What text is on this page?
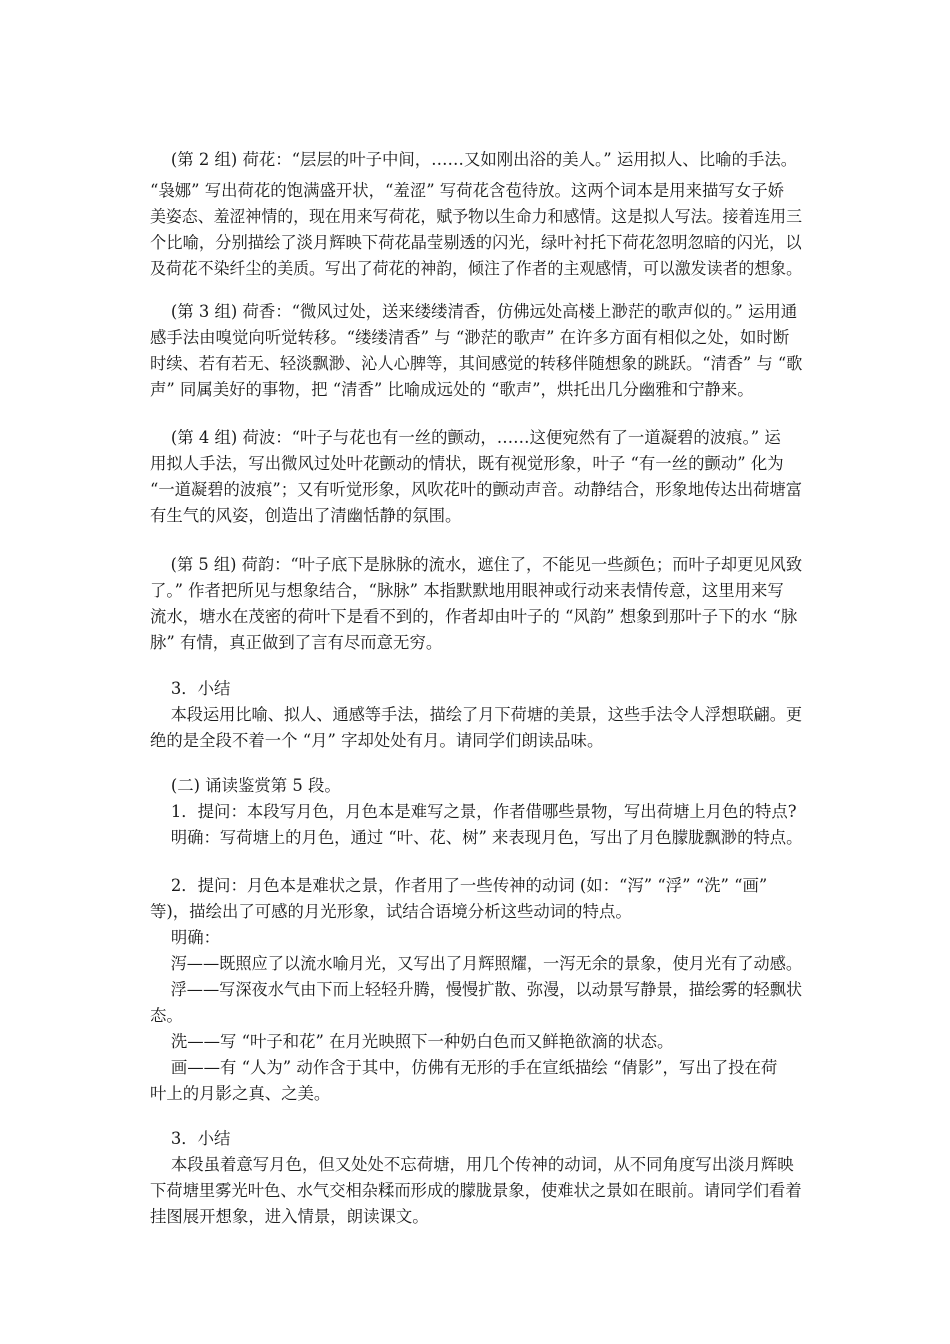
(第 2 组) 荷花：“层层的叶子中间，……又如刚出浴的美人。” 运用拟人、比喻的手法。
“袅娜” 写出荷花的饱满盛开状，“羞涩” 写荷花含苞待放。这两个词本是用来描写女子娇
美姿态、羞涩神情的，现在用来写荷花，赋予物以生命力和感情。这是拟人写法。接着连用三
个比喻，分别描绘了淡月辉映下荷花晶莹剔透的闪光，绿叶衬托下荷花忽明忽暗的闪光，以
及荷花不染纤尘的美质。写出了荷花的神韵，倾注了作者的主观感情，可以激发读者的想象。
(第 3 组) 荷香：“微风过处，送来缕缕清香，仿佛远处高楼上渺茫的歌声似的。” 运用通
感手法由嗅觉向听觉转移。“缕缕清香” 与 “渺茫的歌声” 在许多方面有相似之处，如时断
时续、若有若无、轻淡飘渺、沁人心脾等，其间感觉的转移伴随想象的跳跃。“清香” 与 “歌
声” 同属美好的事物，把 “清香” 比喻成远处的 “歌声”，烘托出几分幽雅和宁静来。
(第 4 组) 荷波：“叶子与花也有一丝的颤动，……这便宛然有了一道凝碧的波痕。” 运
用拟人手法，写出微风过处叶花颤动的情状，既有视觉形象，叶子 “有一丝的颤动” 化为
“一道凝碧的波痕”；又有听觉形象，风吹花叶的颤动声音。动静结合，形象地传达出荷塘富
有生气的风姿，创造出了清幽恬静的氛围。
(第 5 组) 荷韵：“叶子底下是脉脉的流水，遮住了，不能见一些颜色；而叶子却更见风致
了。” 作者把所见与想象结合，“脉脉” 本指默默地用眼神或行动来表情传意，这里用来写
流水，塘水在茂密的荷叶下是看不到的，作者却由叶子的 “风韵” 想象到那叶子下的水 “脉
脉” 有情，真正做到了言有尽而意无穷。
3．小结
本段运用比喻、拟人、通感等手法，描绘了月下荷塘的美景，这些手法令人浮想联翩。更
绝的是全段不着一个 “月” 字却处处有月。请同学们朗读品味。
(二) 诵读鉴赏第 5 段。
1．提问：本段写月色，月色本是难写之景，作者借哪些景物，写出荷塘上月色的特点?
明确：写荷塘上的月色，通过 “叶、花、树” 来表现月色，写出了月色朦胧飘渺的特点。
2．提问：月色本是难状之景，作者用了一些传神的动词 (如：“泻” “浮” “洗” “画”
等)，描绘出了可感的月光形象，试结合语境分析这些动词的特点。
明确：
泻——既照应了以流水喻月光，又写出了月辉照耀，一泻无余的景象，使月光有了动感。
浮——写深夜水气由下而上轻轻升腾，慢慢扩散、弥漫，以动景写静景，描绘雾的轻飘状
态。
洗——写 “叶子和花” 在月光映照下一种奶白色而又鲜艳欲滴的状态。
画——有 “人为” 动作含于其中，仿佛有无形的手在宣纸描绘 “倩影”，写出了投在荷
叶上的月影之真、之美。
3．小结
本段虽着意写月色，但又处处不忘荷塘，用几个传神的动词，从不同角度写出淡月辉映
下荷塘里雾光叶色、水气交相杂糅而形成的朦胧景象，使难状之景如在眼前。请同学们看着
挂图展开想象，进入情景，朗读课文。
